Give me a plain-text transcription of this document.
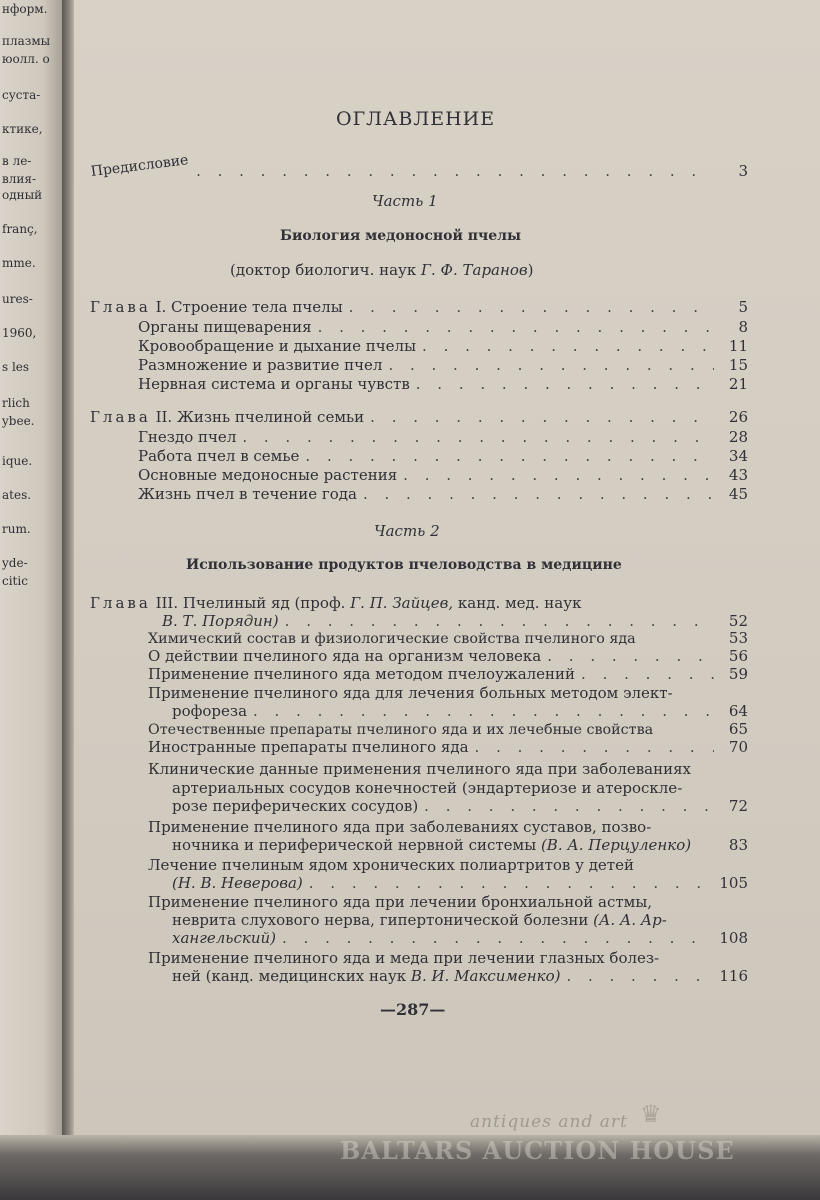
нформ.
плазмы
юолл. о
суста-
ктике,
в ле-
влия-
одный
franç,
mme.
ures-
1960,
s les
rlich
ybee.
ique.
ates.
rum.
yde-
citic
ОГЛАВЛЕНИЕ
Предисловие . . .	3
Часть 1
Биология медоносной пчелы
(доктор биологич. наук Г. Ф. Таранов)
Глава
I. Строение тела пчелы . . .	5
Органы пищеварения . . .	8
Кровообращение и дыхание пчелы . . .	11
Размножение и развитие пчел . . .	15
Нервная система и органы чувств . . .	21
Глава
II. Жизнь пчелиной семьи . . .	26
Гнездо пчел . . .	28
Работа пчел в семье . . .	34
Основные медоносные растения . . .	43
Жизнь пчел в течение года . . .	45
Часть 2
Использование продуктов пчеловодства в медицине
Глава III. Пчелиный яд (проф. Г. П. Зайцев, канд. мед. наук
В. Т. Порядин) . . .	52
Химический состав и физиологические свойства пчелиного яда	53
О действии пчелиного яда на организм человека . . .	56
Применение пчелиного яда методом пчелоужалений . . .	59
Применение пчелиного яда для лечения больных методом элект-
рофореза . . .	64
Отечественные препараты пчелиного яда и их лечебные свойства	65
Иностранные препараты пчелиного яда . . .	70
Клинические данные применения пчелиного яда при заболеваниях
артериальных сосудов конечностей (эндартериозе и атероскле-
розе периферических сосудов) . . .	72
Применение пчелиного яда при заболеваниях суставов, позво-
ночника и периферической нервной системы
(В. А. Перцуленко)	83
Лечение пчелиным ядом хронических полиартритов у детей
(Н. В. Неверова) . . .	105
Применение пчелиного яда при лечении бронхиальной астмы,
неврита слухового нерва, гипертонической болезни (А. А. Ар-
хангельский) . . .	108
Применение пчелиного яда и меда при лечении глазных болез-
ней (канд. медицинских наук
В. И. Максименко) . . .	116
—287—
antiques and art ♛
BALTARS AUCTION HOUSE
